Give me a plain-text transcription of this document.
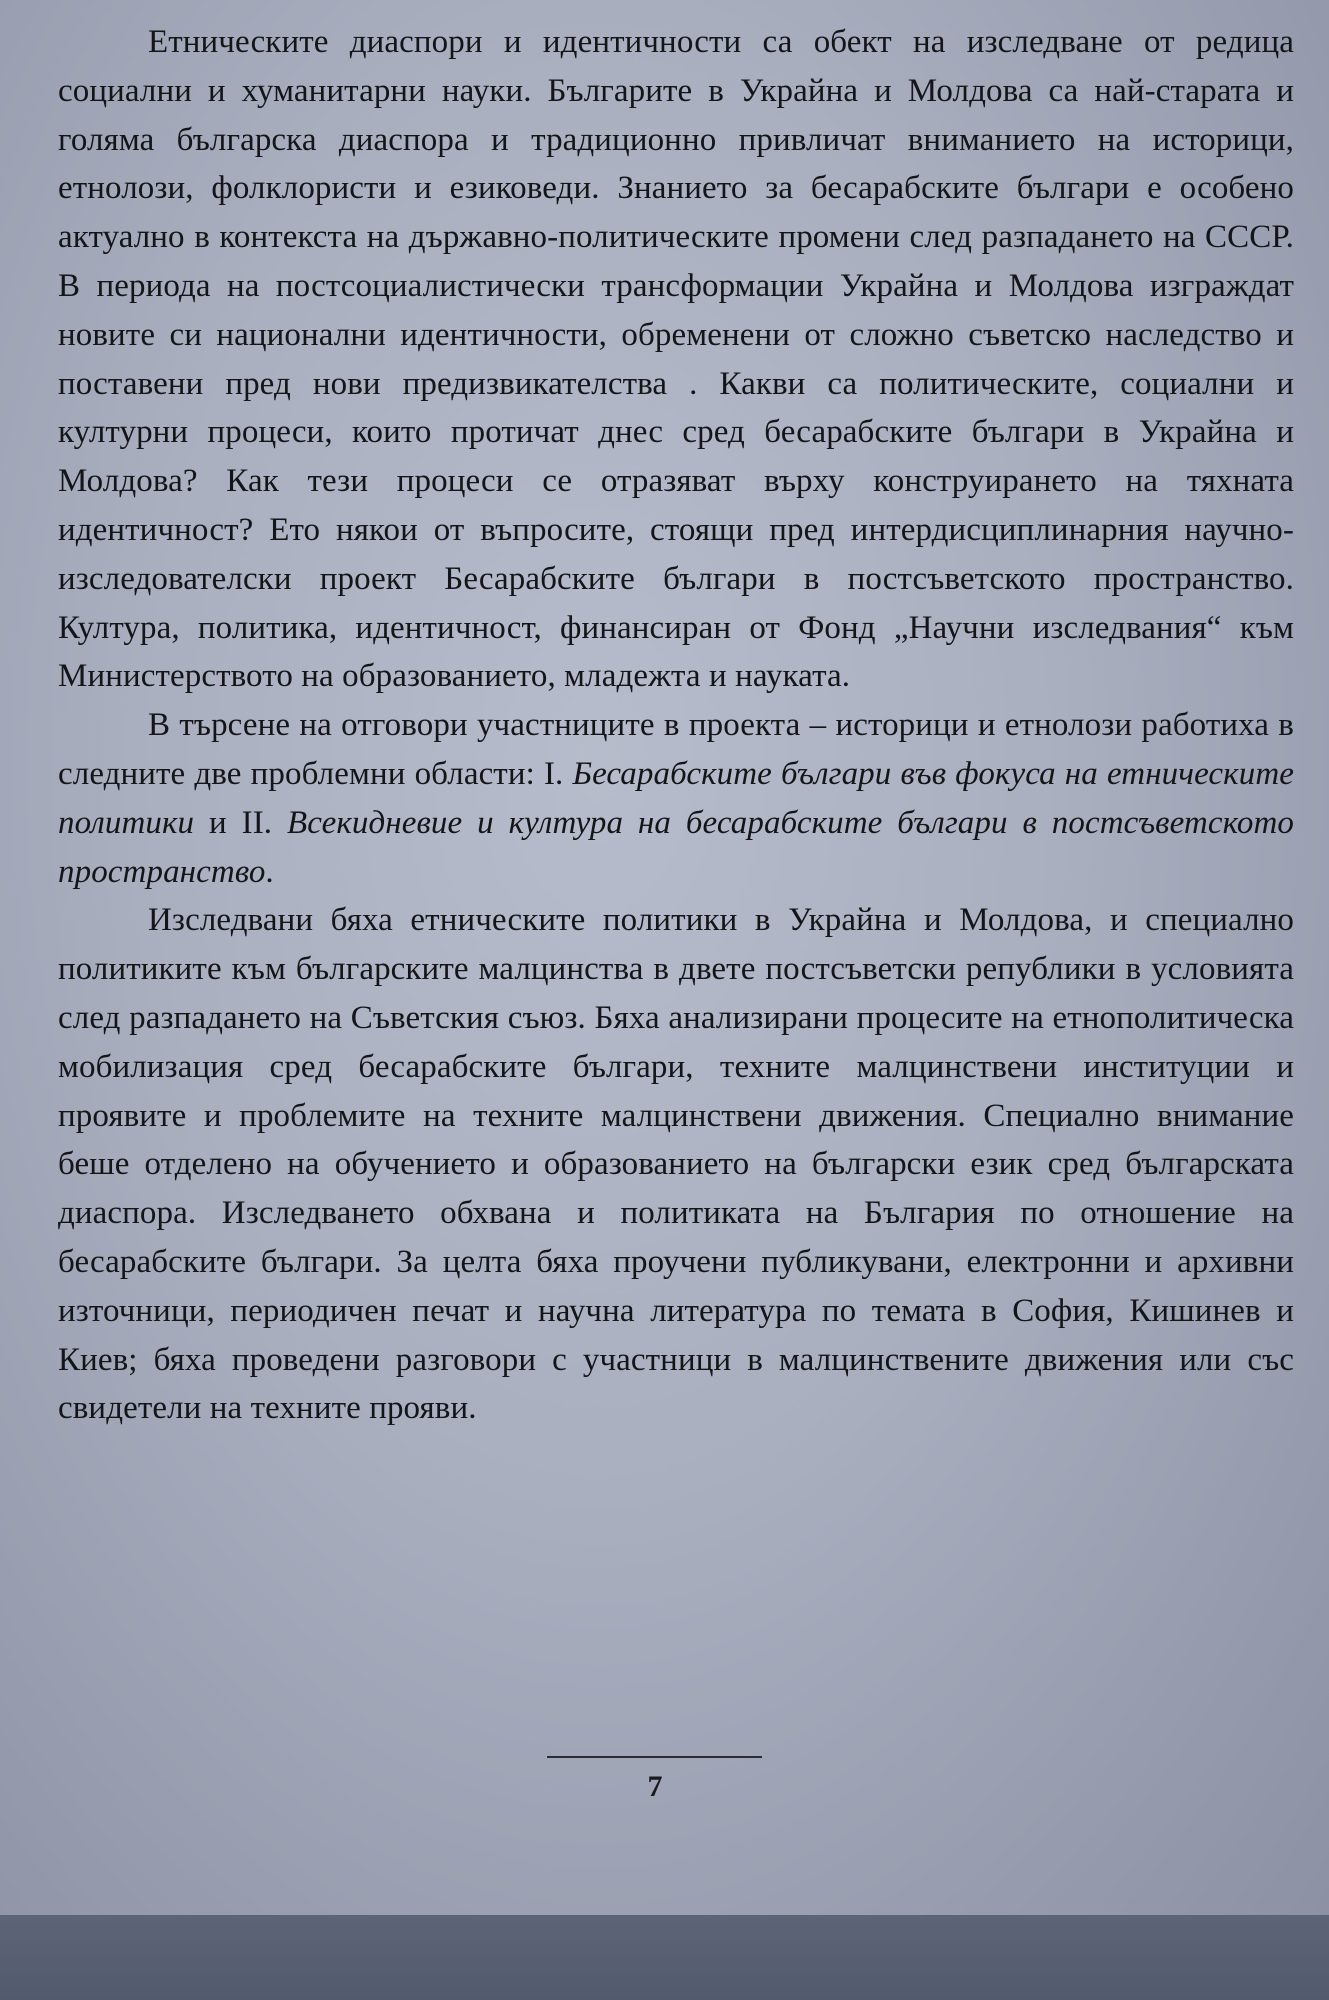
Етническите диаспори и идентичности са обект на изследване от редица социални и хуманитарни науки. Българите в Украйна и Молдова са най-старата и голяма българска диаспора и традиционно привличат вниманието на историци, етнолози, фолклористи и езиковеди. Знанието за бесарабските българи е особено актуално в контекста на държавно-политическите промени след разпадането на СССР. В периода на постсоциалистически трансформации Украйна и Молдова изграждат новите си национални идентичности, обременени от сложно съветско наследство и поставени пред нови предизвикателства . Какви са политическите, социални и културни процеси, които протичат днес сред бесарабските българи в Украйна и Молдова? Как тези процеси се отразяват върху конструирането на тяхната идентичност? Ето някои от въпросите, стоящи пред интердисциплинарния научно-изследователски проект Бесарабските българи в постсъветското пространство. Култура, политика, идентичност, финансиран от Фонд „Научни изследвания“ към Министерството на образованието, младежта и науката.

В търсене на отговори участниците в проекта – историци и етнолози работиха в следните две проблемни области: I. Бесарабските българи във фокуса на етническите политики и II. Всекидневие и култура на бесарабските българи в постсъветското пространство.

Изследвани бяха етническите политики в Украйна и Молдова, и специално политиките към българските малцинства в двете постсъветски републики в условията след разпадането на Съветския съюз. Бяха анализирани процесите на етнополитическа мобилизация сред бесарабските българи, техните малцинствени институции и проявите и проблемите на техните малцинствени движения. Специално внимание беше отделено на обучението и образованието на български език сред българската диаспора. Изследването обхвана и политиката на България по отношение на бесарабските българи. За целта бяха проучени публикувани, електронни и архивни източници, периодичен печат и научна литература по темата в София, Кишинев и Киев; бяха проведени разговори с участници в малцинствените движения или със свидетели на техните прояви.

7
